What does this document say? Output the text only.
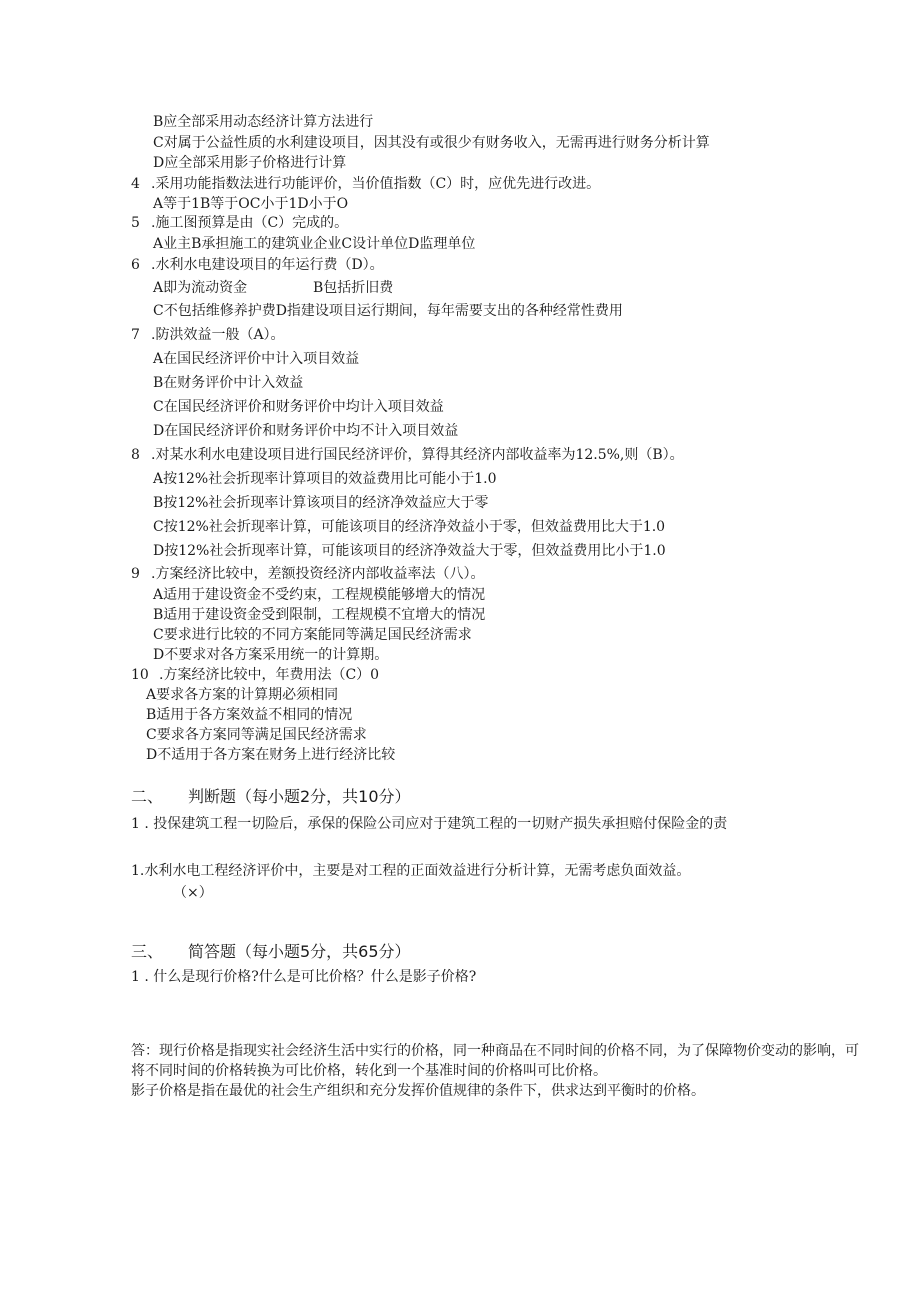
B应全部采用动态经济计算方法进行
C对属于公益性质的水利建设项目，因其没有或很少有财务收入，无需再进行财务分析计算
D应全部采用影子价格进行计算
4 .采用功能指数法进行功能评价，当价值指数（C）时，应优先进行改进。
A等于1B等于OC小于1D小于O
5 .施工图预算是由（C）完成的。
A业主B承担施工的建筑业企业C设计单位D监理单位
6 .水利水电建设项目的年运行费（D）。
A即为流动资金	B包括折旧费
C不包括维修养护费D指建设项目运行期间，每年需要支出的各种经常性费用
7 .防洪效益一般（A）。
A在国民经济评价中计入项目效益
B在财务评价中计入效益
C在国民经济评价和财务评价中均计入项目效益
D在国民经济评价和财务评价中均不计入项目效益
8 .对某水利水电建设项目进行国民经济评价，算得其经济内部收益率为12.5%,则（B）。
A按12%社会折现率计算项目的效益费用比可能小于1.0
B按12%社会折现率计算该项目的经济净效益应大于零
C按12%社会折现率计算，可能该项目的经济净效益小于零，但效益费用比大于1.0
D按12%社会折现率计算，可能该项目的经济净效益大于零，但效益费用比小于1.0
9 .方案经济比较中，差额投资经济内部收益率法（八）。
A适用于建设资金不受约束，工程规模能够增大的情况
B适用于建设资金受到限制，工程规模不宜增大的情况
C要求进行比较的不同方案能同等满足国民经济需求
D不要求对各方案采用统一的计算期。
10 .方案经济比较中，年费用法（C）0
A要求各方案的计算期必须相同
B适用于各方案效益不相同的情况
C要求各方案同等满足国民经济需求
D不适用于各方案在财务上进行经济比较
二、 判断题（每小题2分，共10分）
1 . 投保建筑工程一切险后，承保的保险公司应对于建筑工程的一切财产损失承担赔付保险金的责
1.水利水电工程经济评价中，主要是对工程的正面效益进行分析计算，无需考虑负面效益。
（×）
三、 简答题（每小题5分，共65分）
1 . 什么是现行价格?什么是可比价格？什么是影子价格?
答：现行价格是指现实社会经济生活中实行的价格，同一种商品在不同时间的价格不同，为了保障物价变动的影响，可将不同时间的价格转换为可比价格，转化到一个基准时间的价格叫可比价格。
影子价格是指在最优的社会生产组织和充分发挥价值规律的条件下，供求达到平衡时的价格。
